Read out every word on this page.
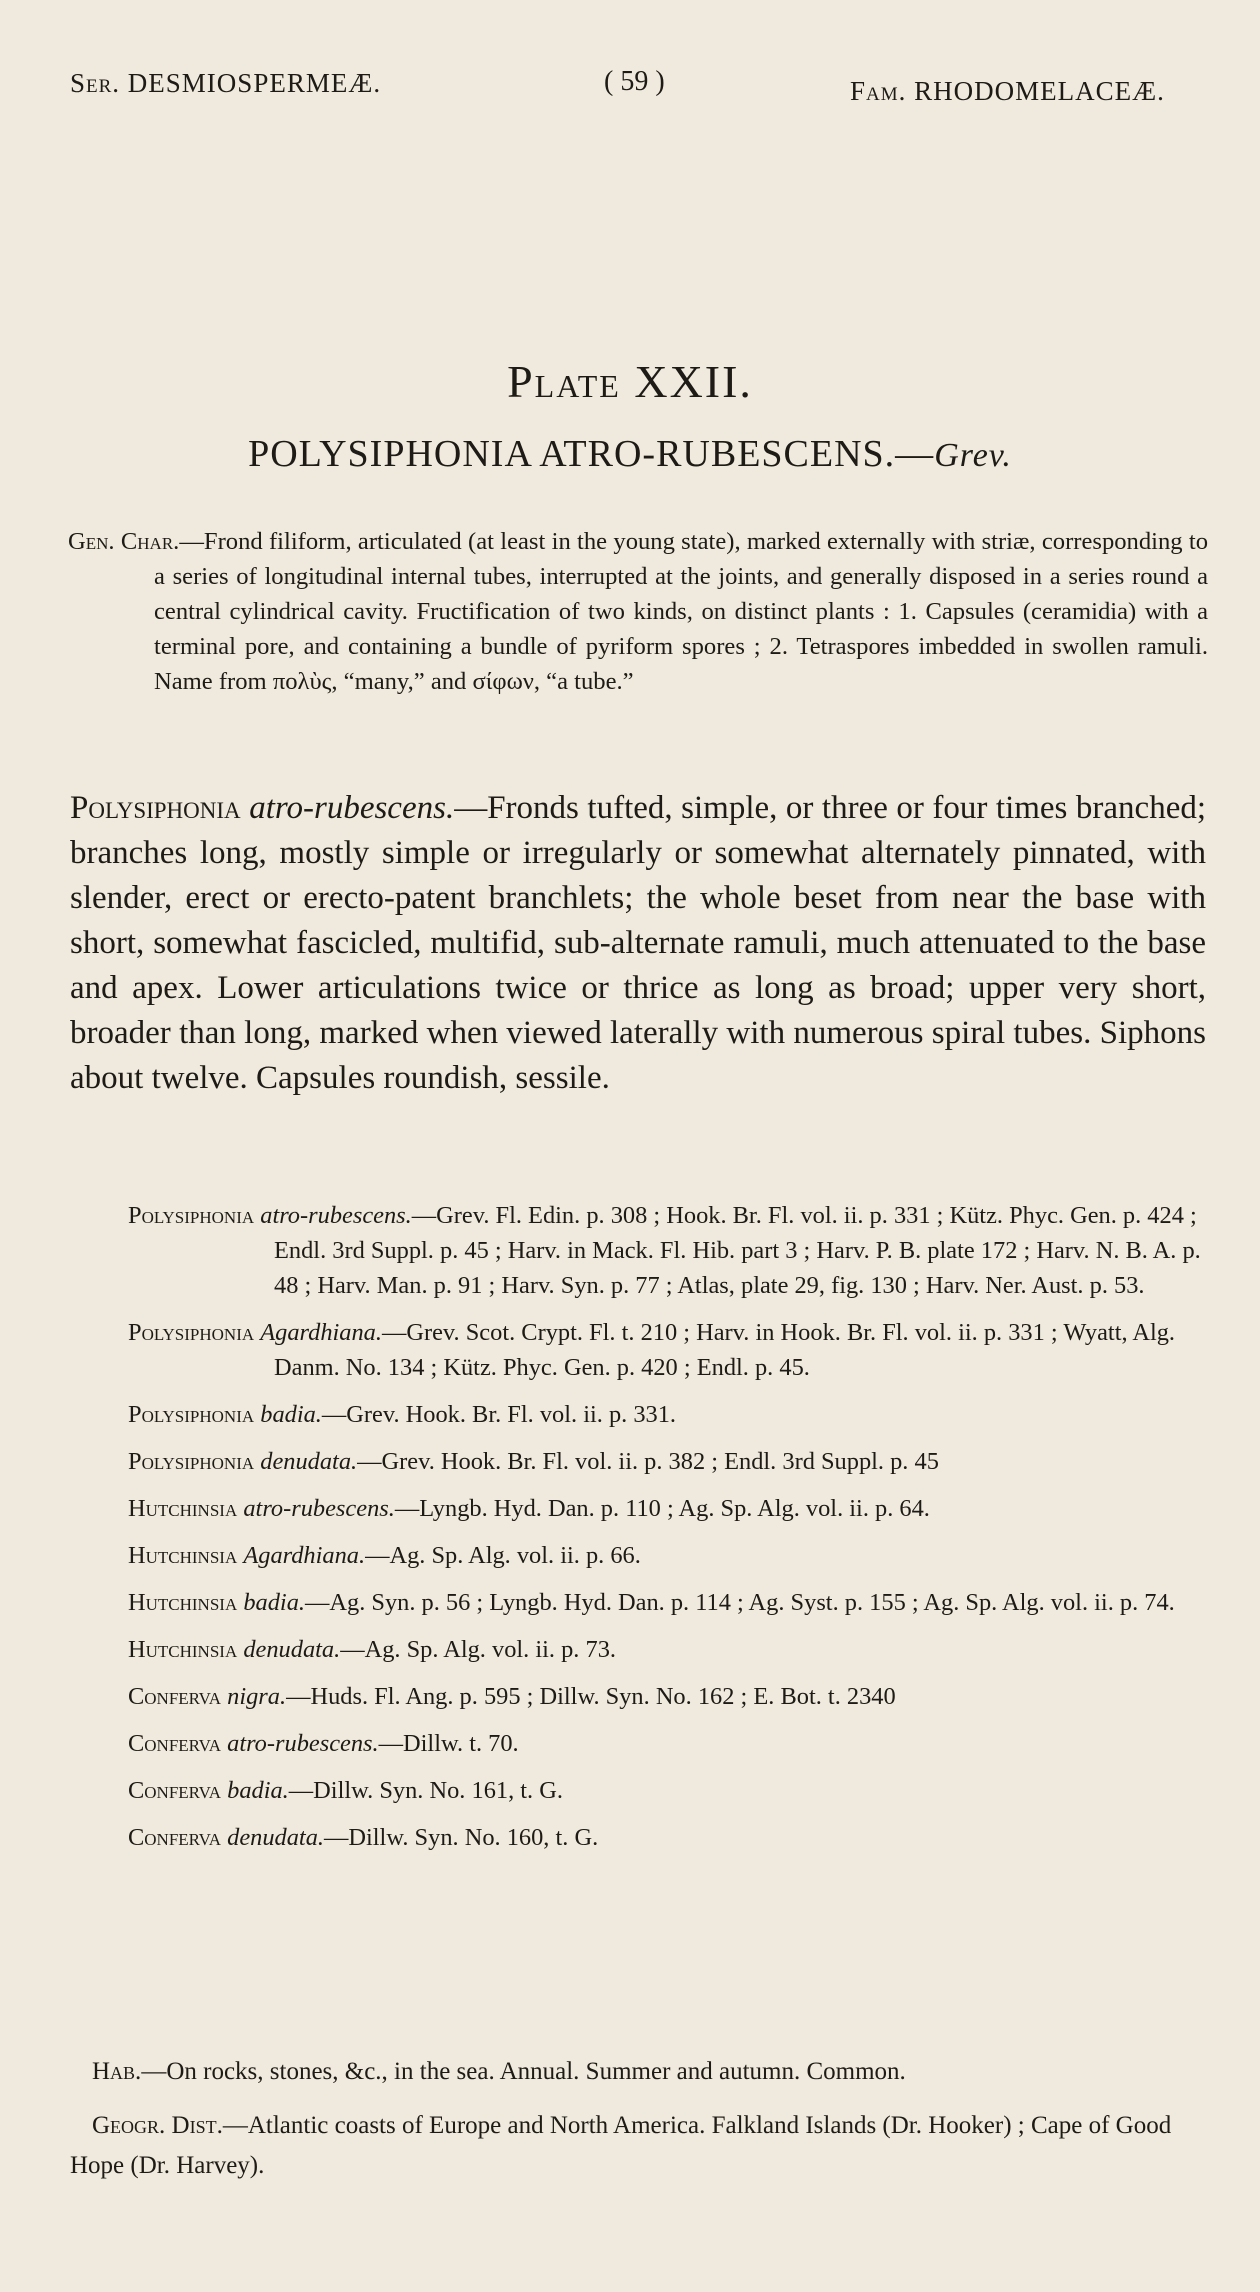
Ser. DESMIOSPERMEÆ.	( 59 )	Fam. RHODOMELACEÆ.
Plate XXII.
POLYSIPHONIA ATRO-RUBESCENS.—Grev.
Gen. Char.—Frond filiform, articulated (at least in the young state), marked externally with striæ, corresponding to a series of longitudinal internal tubes, interrupted at the joints, and generally disposed in a series round a central cylindrical cavity. Fructification of two kinds, on distinct plants : 1. Capsules (ceramidia) with a terminal pore, and containing a bundle of pyriform spores ; 2. Tetraspores imbedded in swollen ramuli. Name from πολὺς, “many,” and σίφων, “a tube.”
Polysiphonia atro-rubescens.—Fronds tufted, simple, or three or four times branched; branches long, mostly simple or irregularly or somewhat alternately pinnated, with slender, erect or erecto-patent branchlets; the whole beset from near the base with short, somewhat fascicled, multifid, sub-alternate ramuli, much attenuated to the base and apex. Lower articulations twice or thrice as long as broad; upper very short, broader than long, marked when viewed laterally with numerous spiral tubes. Siphons about twelve. Capsules roundish, sessile.
Polysiphonia atro-rubescens.—Grev. Fl. Edin. p. 308 ; Hook. Br. Fl. vol. ii. p. 331 ; Kütz. Phyc. Gen. p. 424 ; Endl. 3rd Suppl. p. 45 ; Harv. in Mack. Fl. Hib. part 3 ; Harv. P. B. plate 172 ; Harv. N. B. A. p. 48 ; Harv. Man. p. 91 ; Harv. Syn. p. 77 ; Atlas, plate 29, fig. 130 ; Harv. Ner. Aust. p. 53.
Polysiphonia Agardhiana.—Grev. Scot. Crypt. Fl. t. 210 ; Harv. in Hook. Br. Fl. vol. ii. p. 331 ; Wyatt, Alg. Danm. No. 134 ; Kütz. Phyc. Gen. p. 420 ; Endl. p. 45.
Polysiphonia badia.—Grev. Hook. Br. Fl. vol. ii. p. 331.
Polysiphonia denudata.—Grev. Hook. Br. Fl. vol. ii. p. 382 ; Endl. 3rd Suppl. p. 45
Hutchinsia atro-rubescens.—Lyngb. Hyd. Dan. p. 110 ; Ag. Sp. Alg. vol. ii. p. 64.
Hutchinsia Agardhiana.—Ag. Sp. Alg. vol. ii. p. 66.
Hutchinsia badia.—Ag. Syn. p. 56 ; Lyngb. Hyd. Dan. p. 114 ; Ag. Syst. p. 155 ; Ag. Sp. Alg. vol. ii. p. 74.
Hutchinsia denudata.—Ag. Sp. Alg. vol. ii. p. 73.
Conferva nigra.—Huds. Fl. Ang. p. 595 ; Dillw. Syn. No. 162 ; E. Bot. t. 2340
Conferva atro-rubescens.—Dillw. t. 70.
Conferva badia.—Dillw. Syn. No. 161, t. G.
Conferva denudata.—Dillw. Syn. No. 160, t. G.
Hab.—On rocks, stones, &c., in the sea. Annual. Summer and autumn. Common.
Geogr. Dist.—Atlantic coasts of Europe and North America. Falkland Islands (Dr. Hooker) ; Cape of Good Hope (Dr. Harvey).
